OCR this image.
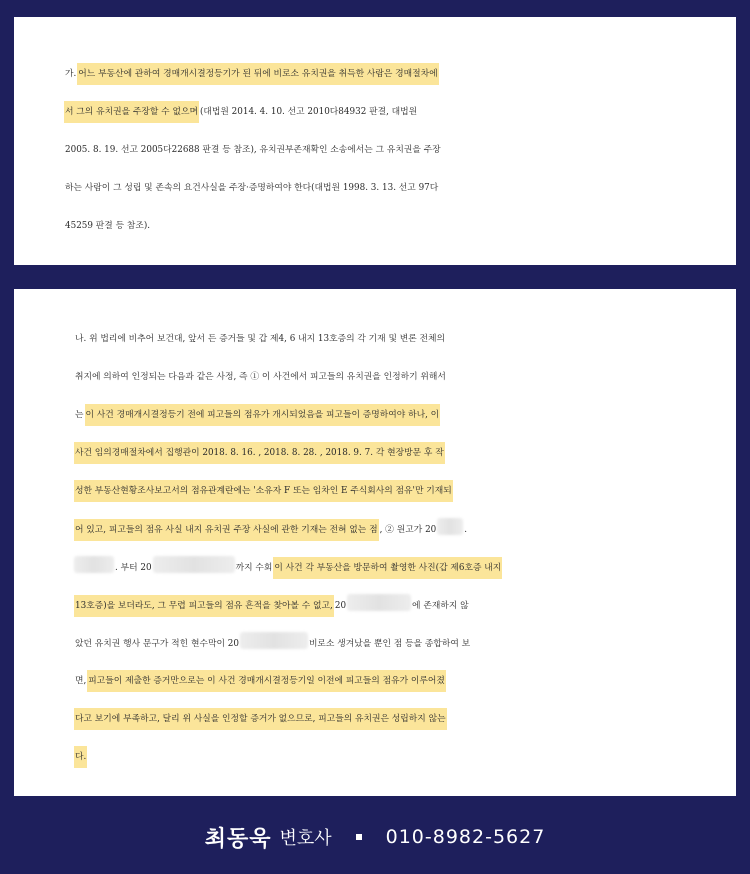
가.어느 부동산에 관하여 경매개시결정등기가 된 뒤에 비로소 유치권을 취득한 사람은 경매절차에
서 그의 유치권을 주장할 수 없으며 (대법원 2014. 4. 10. 선고 2010다84932 판결, 대법원
2005. 8. 19. 선고 2005다22688 판결 등 참조), 유치권부존재확인 소송에서는 그 유치권을 주장
하는 사람이 그 성립 및 존속의 요건사실을 주장·증명하여야 한다(대법원 1998. 3. 13. 선고 97다
45259 판결 등 참조).
나. 위 법리에 비추어 보건대, 앞서 든 증거들 및 갑 제4, 6 내지 13호증의 각 기재 및 변론 전체의
취지에 의하여 인정되는 다음과 같은 사정, 즉 ① 이 사건에서 피고들의 유치권을 인정하기 위해서
는이 사건 경매개시결정등기 전에 피고들의 점유가 개시되었음을 피고들이 증명하여야 하나, 이
사건 임의경매절차에서 집행관이 2018. 8. 16. , 2018. 8. 28. , 2018. 9. 7. 각 현장방문 후 작
성한 부동산현황조사보고서의 점유관계란에는 '소유자 F 또는 임차인 E 주식회사의 점유'만 기재되
어 있고, 피고들의 점유 사실 내지 유치권 주장 사실에 관한 기재는 전혀 없는 점 , ② 원고가 20	.
. 부터 20	까지 수회이 사건 각 부동산을 방문하여 촬영한 사진(갑 제6호증 내지
13호증)을 보더라도, 그 무렵 피고들의 점유 흔적을 찾아볼 수 없고,20	에 존재하지 않
았던 유치권 행사 문구가 적힌 현수막이 20	비로소 생겨났을 뿐인 점 등을 종합하여 보
면,피고들이 제출한 증거만으로는 이 사건 경매개시결정등기일 이전에 피고들의 점유가 이루어졌
다고 보기에 부족하고, 달리 위 사실을 인정할 증거가 없으므로, 피고들의 유치권은 성립하지 않는
다.
최동욱 변호사	010-8982-5627
